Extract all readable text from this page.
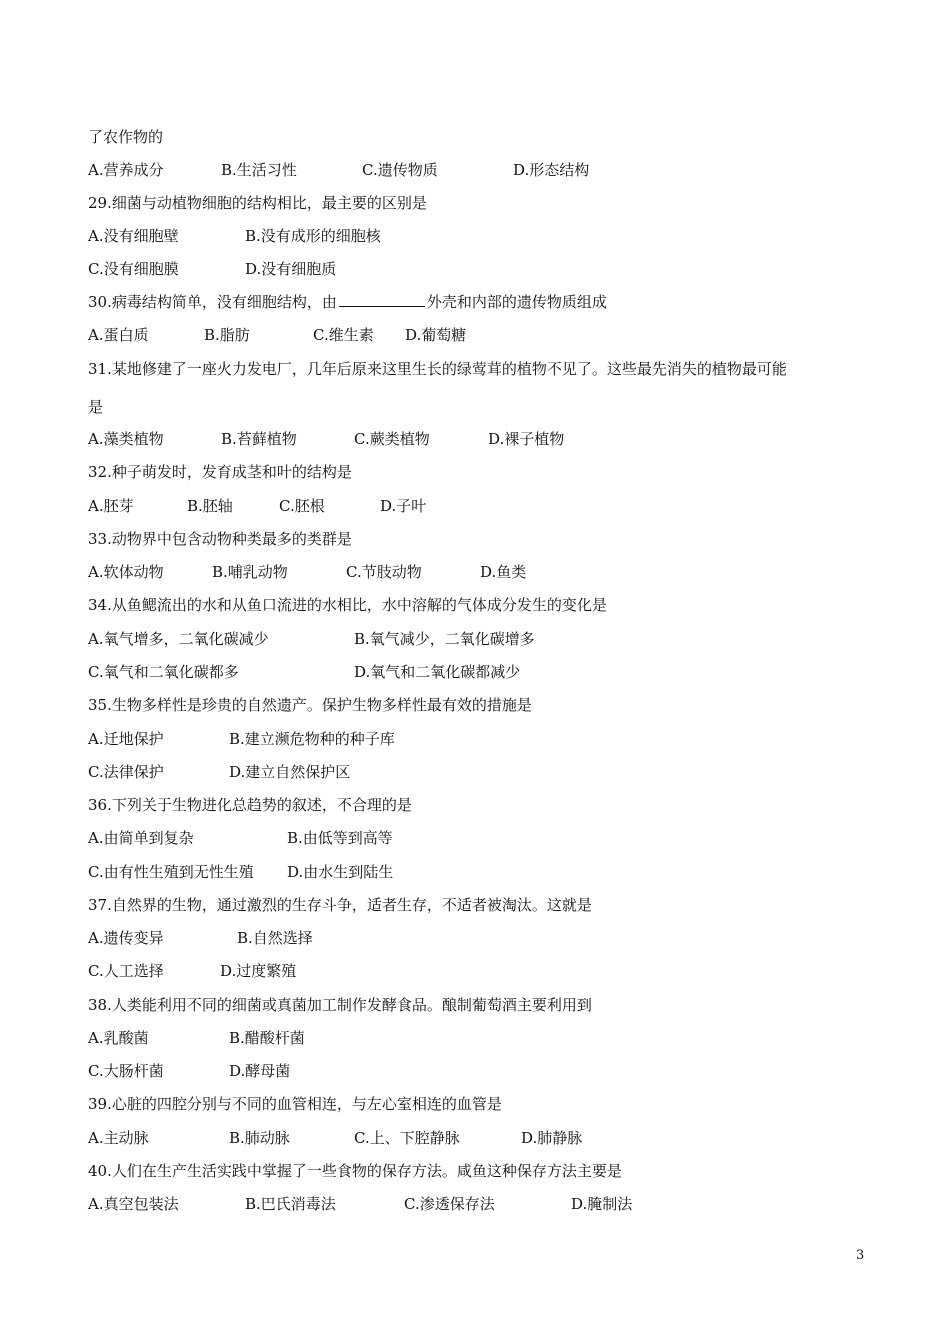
了农作物的
A.营养成分	B.生活习性	C.遗传物质	D.形态结构
29.细菌与动植物细胞的结构相比，最主要的区别是
A.没有细胞壁	B.没有成形的细胞核
C.没有细胞膜	D.没有细胞质
30.病毒结构简单，没有细胞结构，由	外壳和内部的遗传物质组成
A.蛋白质	B.脂肪	C.维生素 D.葡萄糖
31.某地修建了一座火力发电厂，几年后原来这里生长的绿莺茸的植物不见了。这些最先消失的植物最可能
是
A.藻类植物	B.苔藓植物	C.蕨类植物	D.裸子植物
32.种子萌发时，发育成茎和叶的结构是
A.胚芽	B.胚轴	C.胚根	D.子叶
33.动物界中包含动物种类最多的类群是
A.软体动物	B.哺乳动物	C.节肢动物	D.鱼类
34.从鱼鳃流出的水和从鱼口流进的水相比，水中溶解的气体成分发生的变化是
A.氧气增多，二氧化碳减少	B.氧气减少，二氧化碳增多
C.氧气和二氧化碳都多	D.氧气和二氧化碳都减少
35.生物多样性是珍贵的自然遗产。保护生物多样性最有效的措施是
A.迁地保护	B.建立濒危物种的种子库
C.法律保护	D.建立自然保护区
36.下列关于生物进化总趋势的叙述，不合理的是
A.由简单到复杂	B.由低等到高等
C.由有性生殖到无性生殖 D.由水生到陆生
37.自然界的生物，通过激烈的生存斗争，适者生存，不适者被淘汰。这就是
A.遗传变异	B.自然选择
C.人工选择	D.过度繁殖
38.人类能利用不同的细菌或真菌加工制作发酵食品。酿制葡萄酒主要利用到
A.乳酸菌	B.醋酸杆菌
C.大肠杆菌	D.酵母菌
39.心脏的四腔分别与不同的血管相连，与左心室相连的血管是
A.主动脉	B.肺动脉	C.上、下腔静脉	D.肺静脉
40.人们在生产生活实践中掌握了一些食物的保存方法。咸鱼这种保存方法主要是
A.真空包装法	B.巴氏消毒法	C.渗透保存法	D.腌制法
3
